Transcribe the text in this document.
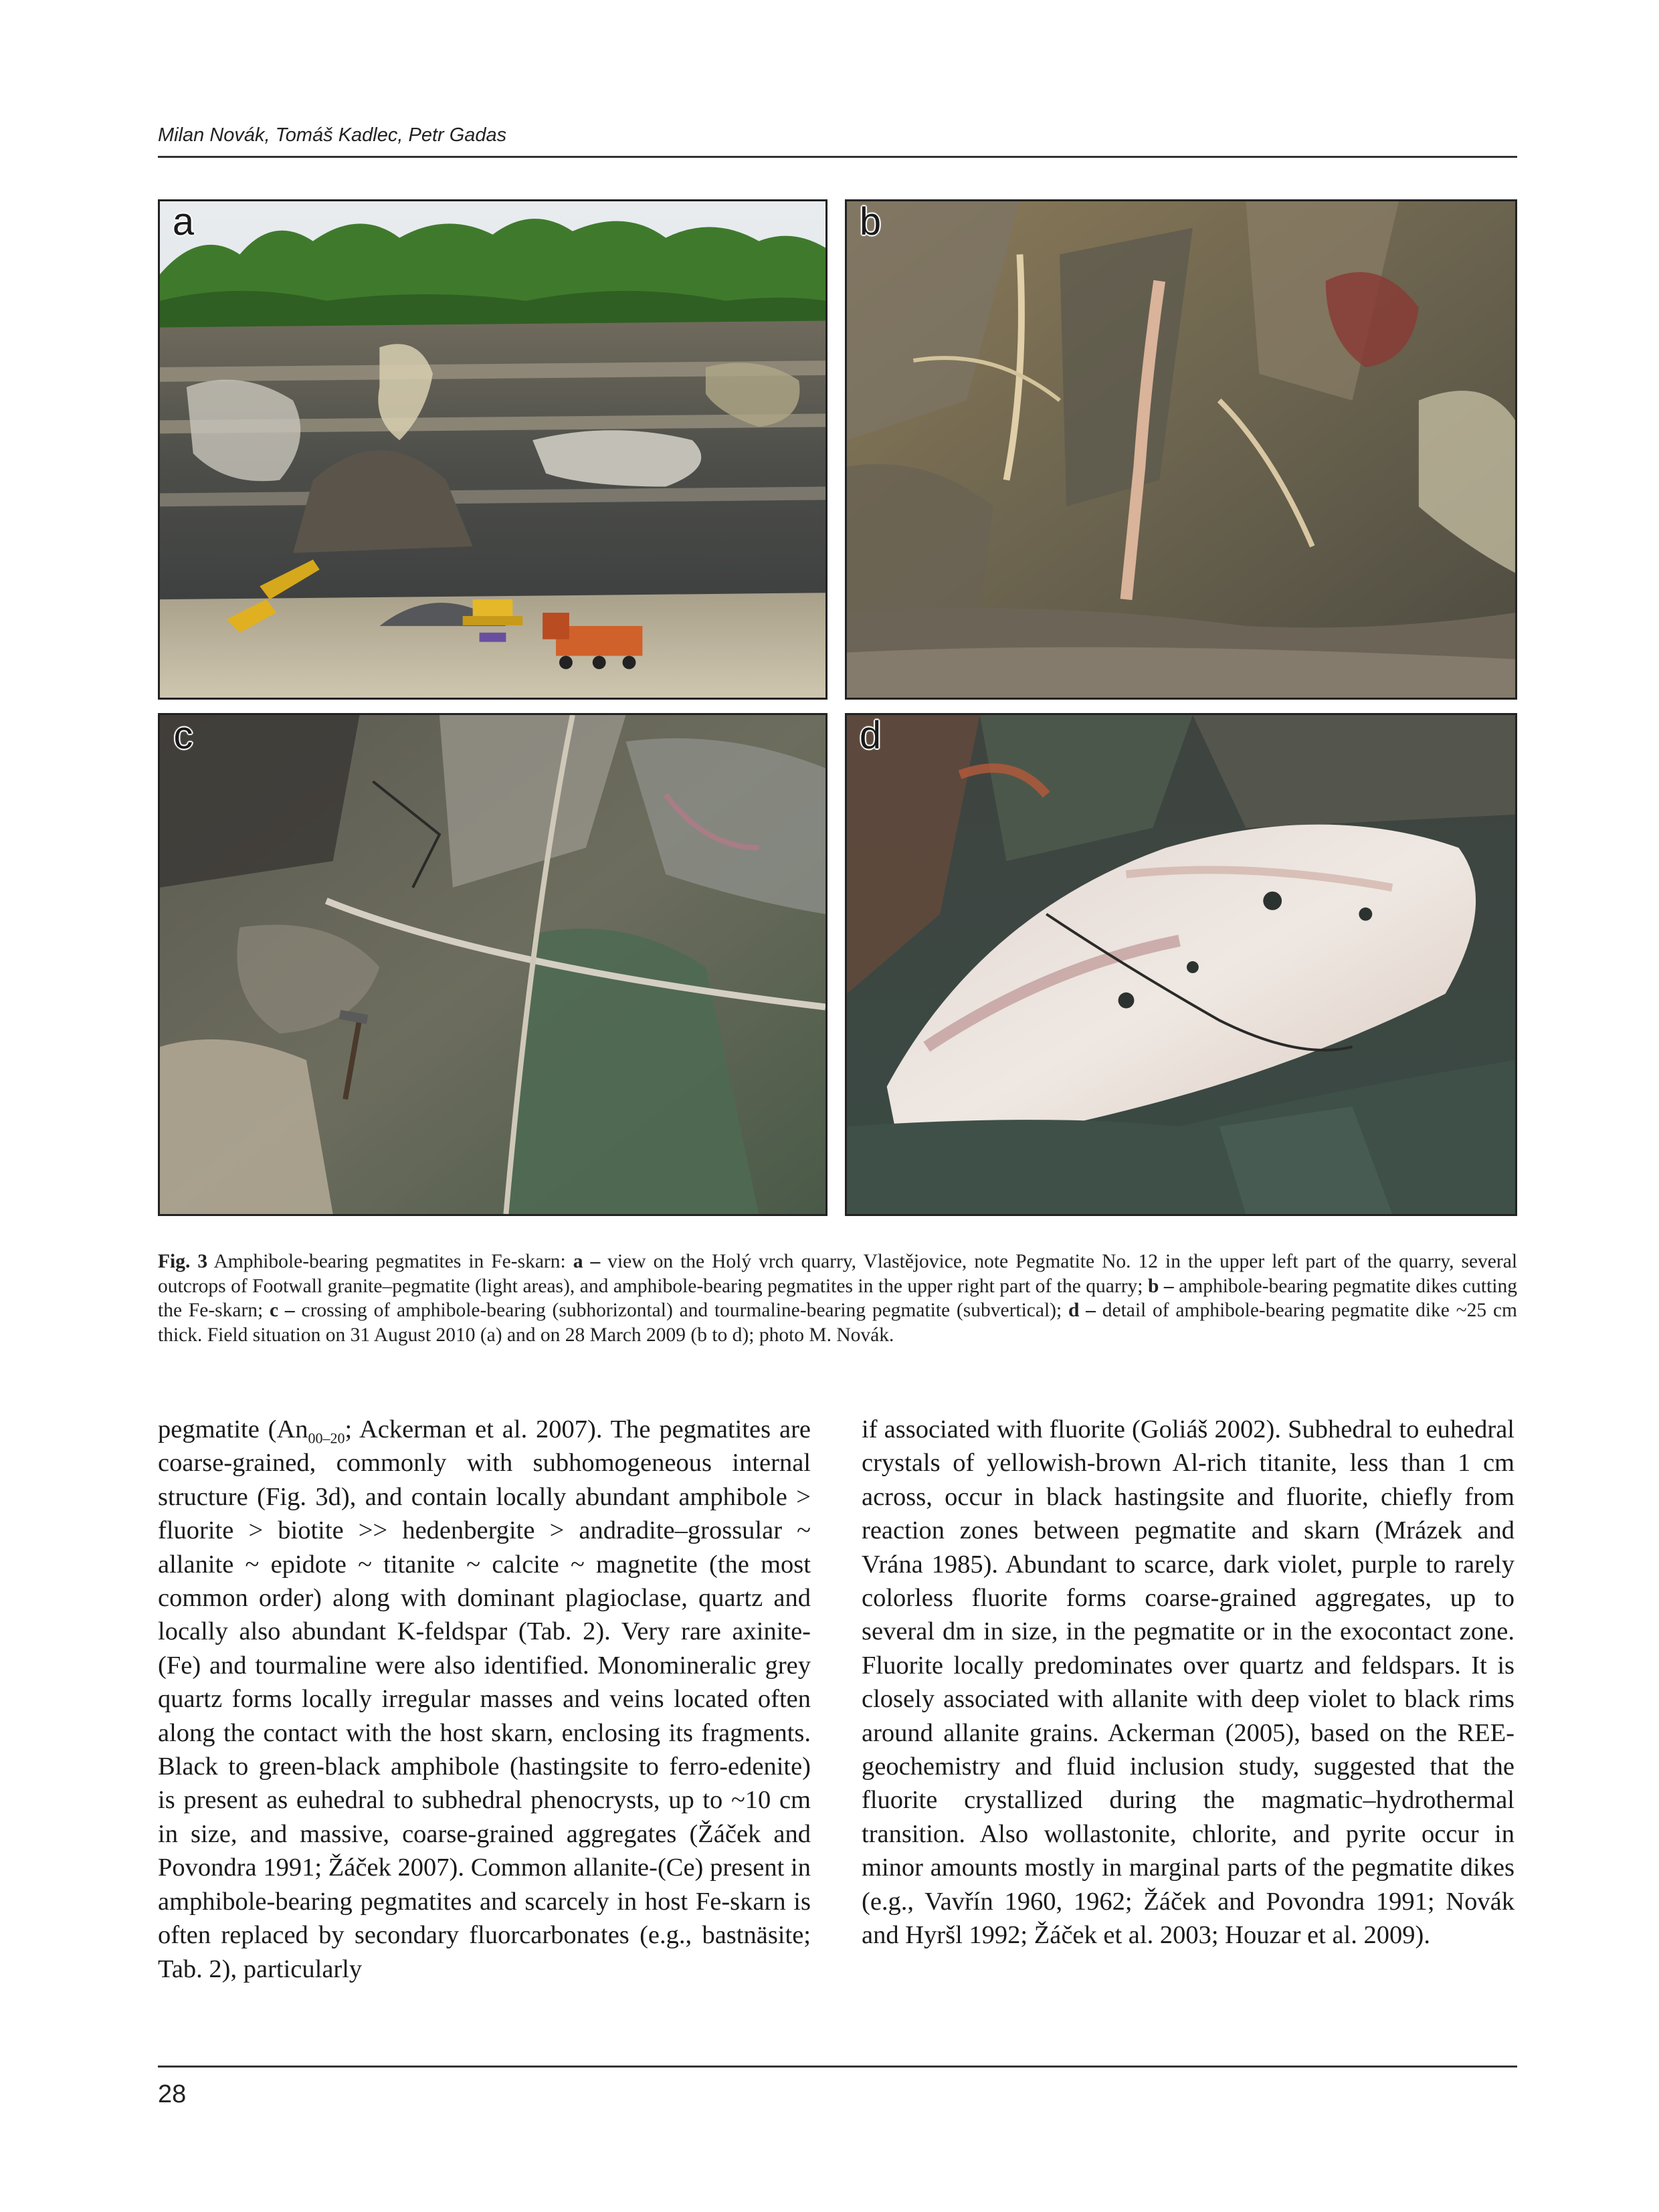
Milan Novák, Tomáš Kadlec, Petr Gadas
a	b
c	d
Fig. 3 Amphibole-bearing pegmatites in Fe-skarn: a – view on the Holý vrch quarry, Vlastějovice, note Pegmatite No. 12 in the upper left part of the quarry, several outcrops of Footwall granite–pegmatite (light areas), and amphibole-bearing pegmatites in the upper right part of the quarry; b – amphibole-bearing pegmatite dikes cutting the Fe-skarn; c – crossing of amphibole-bearing (subhorizontal) and tourmaline-bearing pegmatite (subvertical); d – detail of amphibole-bearing pegmatite dike ~25 cm thick. Field situation on 31 August 2010 (a) and on 28 March 2009 (b to d); photo M. Novák.
pegmatite ($An_{00-20}$; Ackerman et al. 2007). The pegmatites are coarse-grained, commonly with subhomogeneous internal structure (Fig. 3d), and contain locally abundant amphibole > fluorite > biotite >> hedenbergite > andradite–grossular ~ allanite ~ epidote ~ titanite ~ calcite ~ magnetite (the most common order) along with dominant plagioclase, quartz and locally also abundant K-feldspar (Tab. 2). Very rare axinite-(Fe) and tourmaline were also identified. Monomineralic grey quartz forms locally irregular masses and veins located often along the contact with the host skarn, enclosing its fragments. Black to green-black amphibole (hastingsite to ferro-edenite) is present as euhedral to subhedral phenocrysts, up to ~10 cm in size, and massive, coarse-grained aggregates (Žáček and Povondra 1991; Žáček 2007). Common allanite-(Ce) present in amphibole-bearing pegmatites and scarcely in host Fe-skarn is often replaced by secondary fluorcarbonates (e.g., bastnäsite; Tab. 2), particularly
if associated with fluorite (Goliáš 2002). Subhedral to euhedral crystals of yellowish-brown Al-rich titanite, less than 1 cm across, occur in black hastingsite and fluorite, chiefly from reaction zones between pegmatite and skarn (Mrázek and Vrána 1985). Abundant to scarce, dark violet, purple to rarely colorless fluorite forms coarse-grained aggregates, up to several dm in size, in the pegmatite or in the exocontact zone. Fluorite locally predominates over quartz and feldspars. It is closely associated with allanite with deep violet to black rims around allanite grains. Ackerman (2005), based on the REE-geochemistry and fluid inclusion study, suggested that the fluorite crystallized during the magmatic–hydrothermal transition. Also wollastonite, chlorite, and pyrite occur in minor amounts mostly in marginal parts of the pegmatite dikes (e.g., Vavřín 1960, 1962; Žáček and Povondra 1991; Novák and Hyršl 1992; Žáček et al. 2003; Houzar et al. 2009).
28
